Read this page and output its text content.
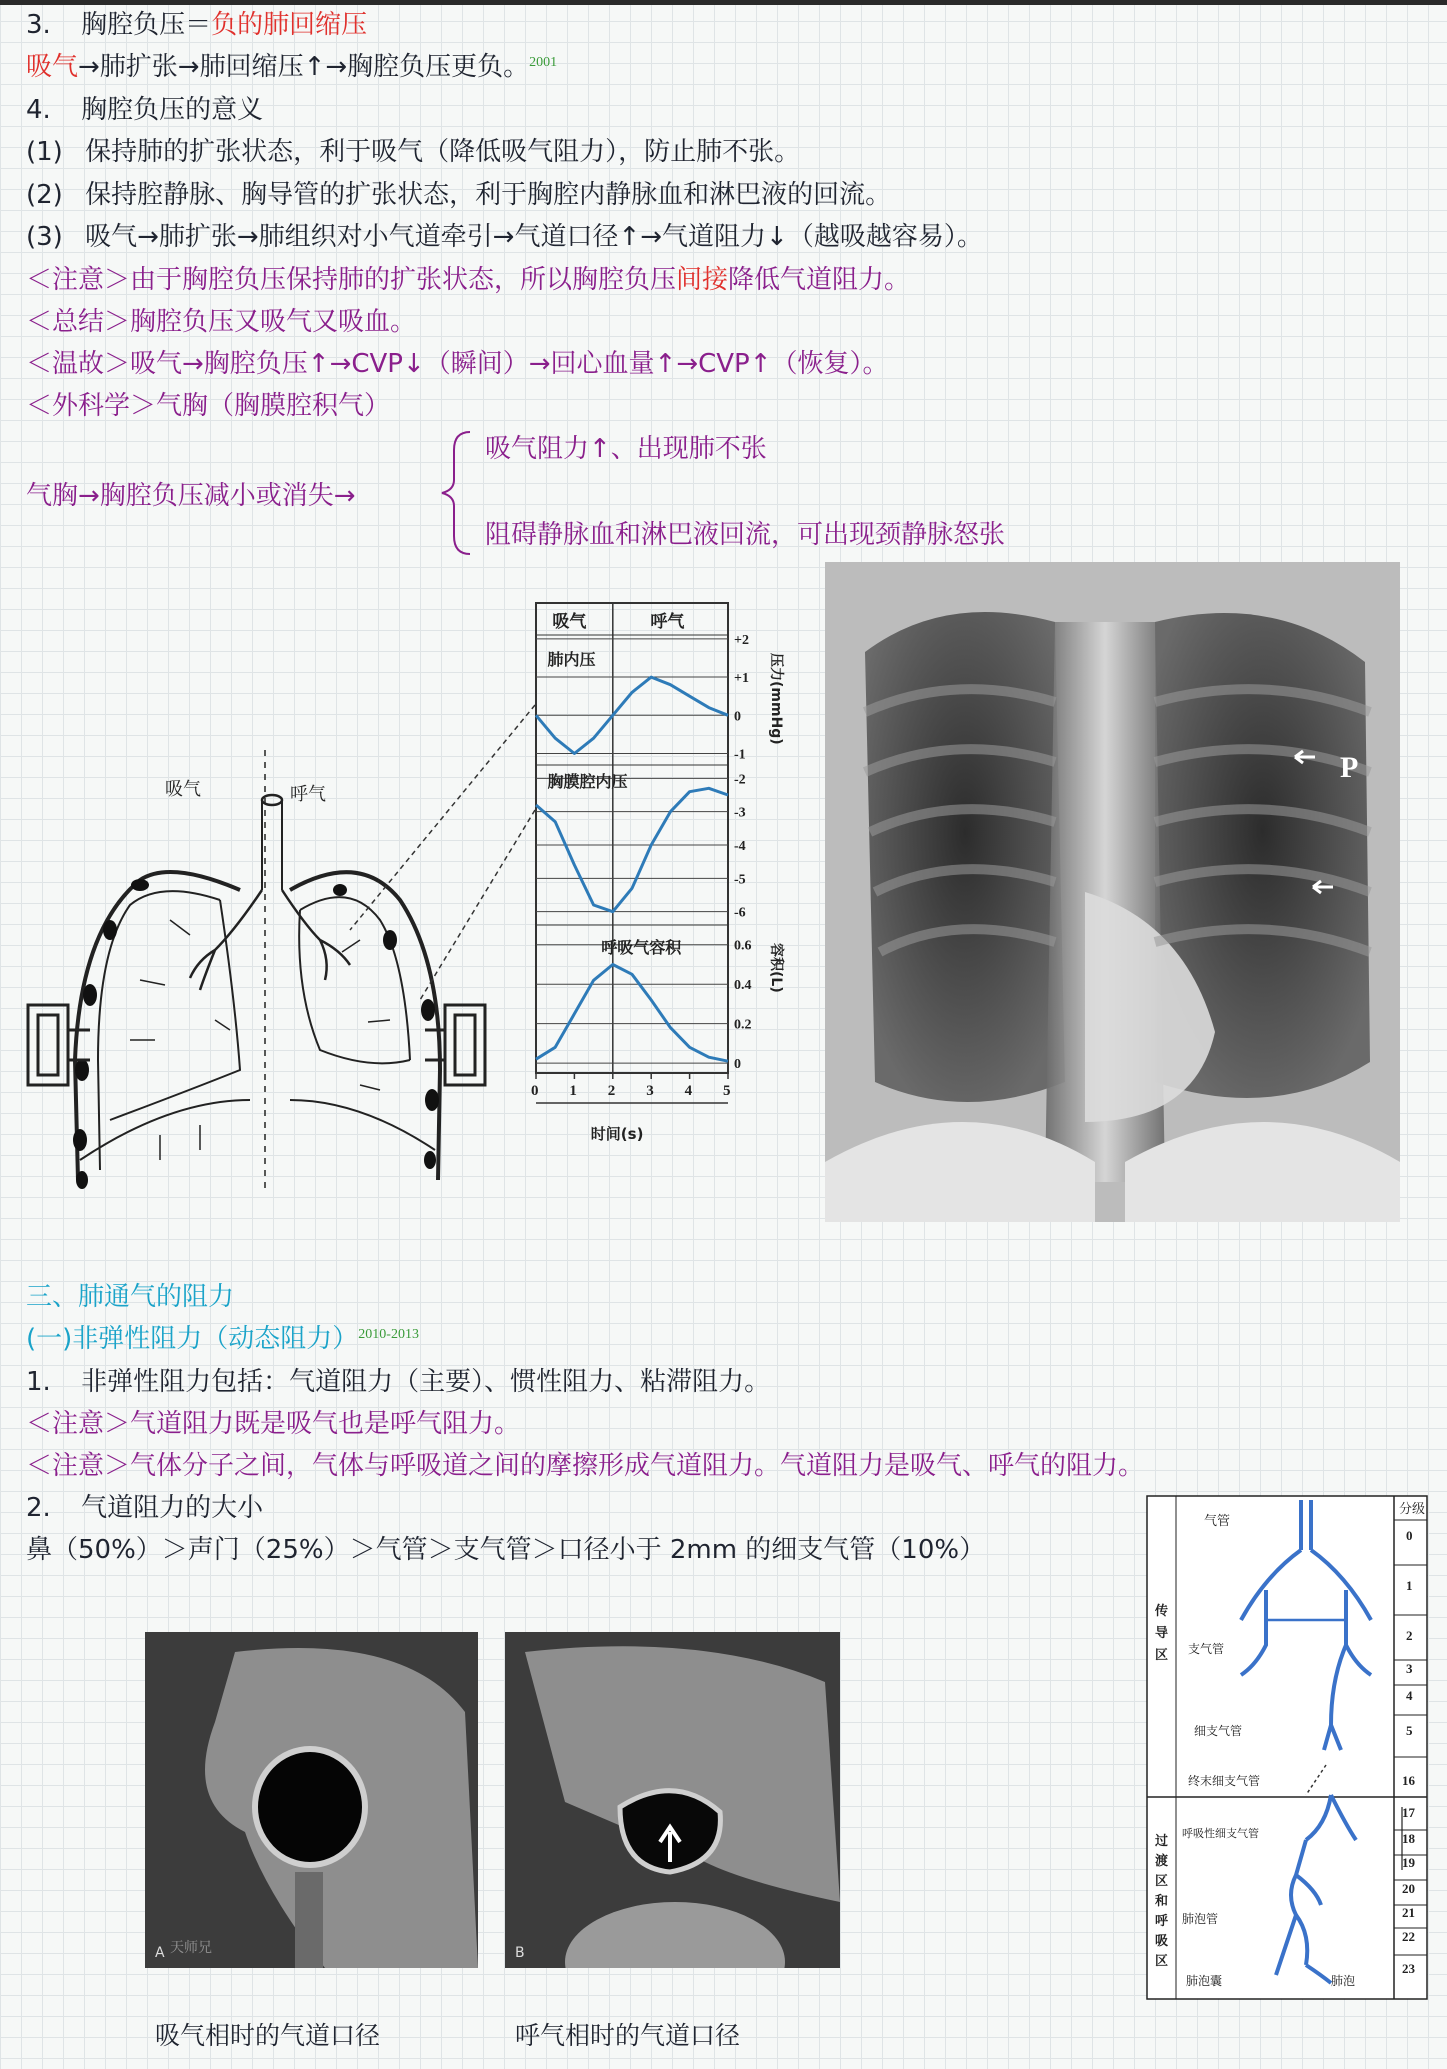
3. 胸腔负压＝负的肺回缩压
吸气→肺扩张→肺回缩压↑→胸腔负压更负。$^{2001}$
4. 胸腔负压的意义
(1) 保持肺的扩张状态，利于吸气（降低吸气阻力），防止肺不张。
(2) 保持腔静脉、胸导管的扩张状态，利于胸腔内静脉血和淋巴液的回流。
(3) 吸气→肺扩张→肺组织对小气道牵引→气道口径↑→气道阻力↓（越吸越容易）。
＜注意＞由于胸腔负压保持肺的扩张状态，所以胸腔负压间接降低气道阻力。
＜总结＞胸腔负压又吸气又吸血。
＜温故＞吸气→胸腔负压↑→CVP↓（瞬间）→回心血量↑→CVP↑（恢复）。
＜外科学＞气胸（胸膜腔积气）
气胸→胸腔负压减小或消失→
吸气阻力↑、出现肺不张
阻碍静脉血和淋巴液回流，可出现颈静脉怒张
吸气	呼气
吸气	呼气
+2
+1
0
-1
肺内压	压力(mmHg)
-2
-3
-4
-5
-6
胸膜腔内压
0.6
0.4
0.2
0
呼吸气容积	容积(L)
0 1 2 3 4 5
时间(s)
P
三、肺通气的阻力
(一)非弹性阻力（动态阻力）$^{2010-2013}$
1. 非弹性阻力包括：气道阻力（主要）、惯性阻力、粘滞阻力。
＜注意＞气道阻力既是吸气也是呼气阻力。
＜注意＞气体分子之间，气体与呼吸道之间的摩擦形成气道阻力。气道阻力是吸气、呼气的阻力。
2. 气道阻力的大小
鼻（50%）＞声门（25%）＞气管＞支气管＞口径小于 2mm 的细支气管（10%）
A 天师兄	B
吸气相时的气道口径	呼气相时的气道口径
0
1
2
3
4
5
16
17
18
19
20
21
22
23
分级
气管
支气管
细支气管
终末细支气管
呼吸性细支气管
肺泡管
肺泡囊	肺泡
传
导
区
过
渡
区
和
呼
吸
区
